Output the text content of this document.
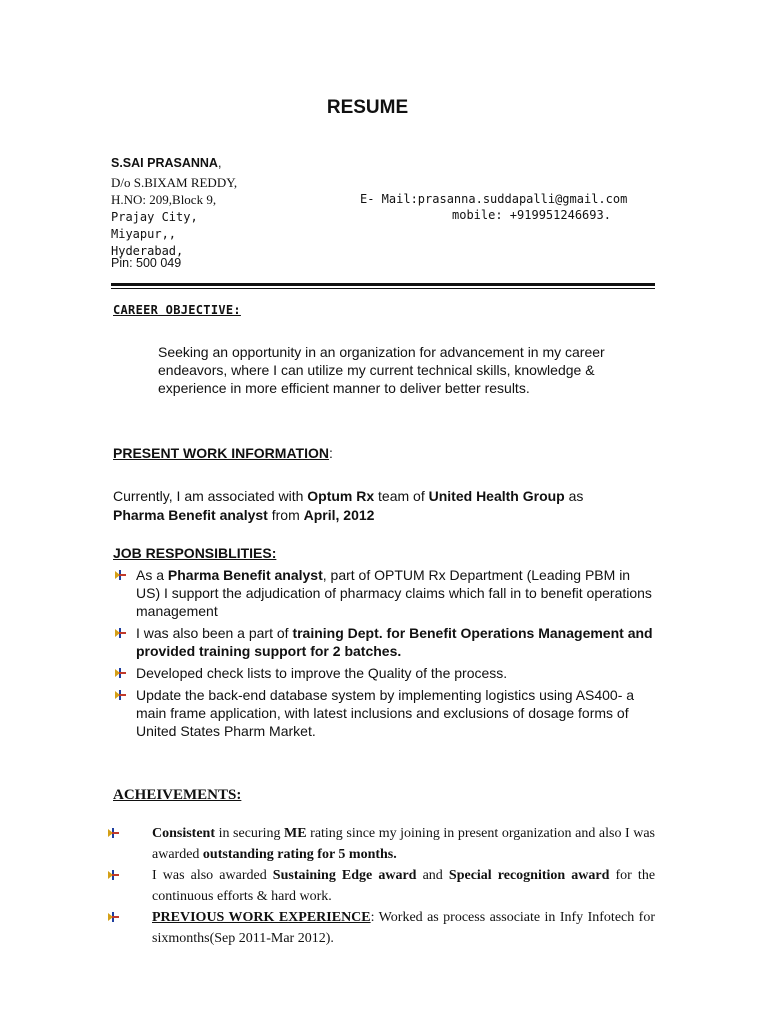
RESUME
S.SAI PRASANNA,
D/o S.BIXAM REDDY,
H.NO: 209,Block 9,
Prajay City,
Miyapur,,
Hyderabad,
Pin: 500 049
E- Mail:prasanna.suddapalli@gmail.com
mobile: +919951246693.
CAREER OBJECTIVE:
Seeking an opportunity in an organization for advancement in my career endeavors, where I can utilize my current technical skills, knowledge & experience in more efficient manner to deliver better results.
PRESENT WORK INFORMATION:
Currently, I am associated with Optum Rx team of United Health Group as
Pharma Benefit analyst from April, 2012
JOB RESPONSIBLITIES:
As a Pharma Benefit analyst, part of OPTUM Rx Department (Leading PBM in US) I support the adjudication of pharmacy claims which fall in to benefit operations management
I was also been a part of training Dept. for Benefit Operations Management and provided training support for 2 batches.
Developed check lists to improve the Quality of the process.
Update the back-end database system by implementing logistics using AS400- a main frame application, with latest inclusions and exclusions of dosage forms of United States Pharm Market.
ACHEIVEMENTS:
Consistent in securing ME rating since my joining in present organization and also I was awarded outstanding rating for 5 months.
I was also awarded Sustaining Edge award and Special recognition award for the continuous efforts & hard work.
PREVIOUS WORK EXPERIENCE: Worked as process associate in Infy Infotech for sixmonths(Sep 2011-Mar 2012).
